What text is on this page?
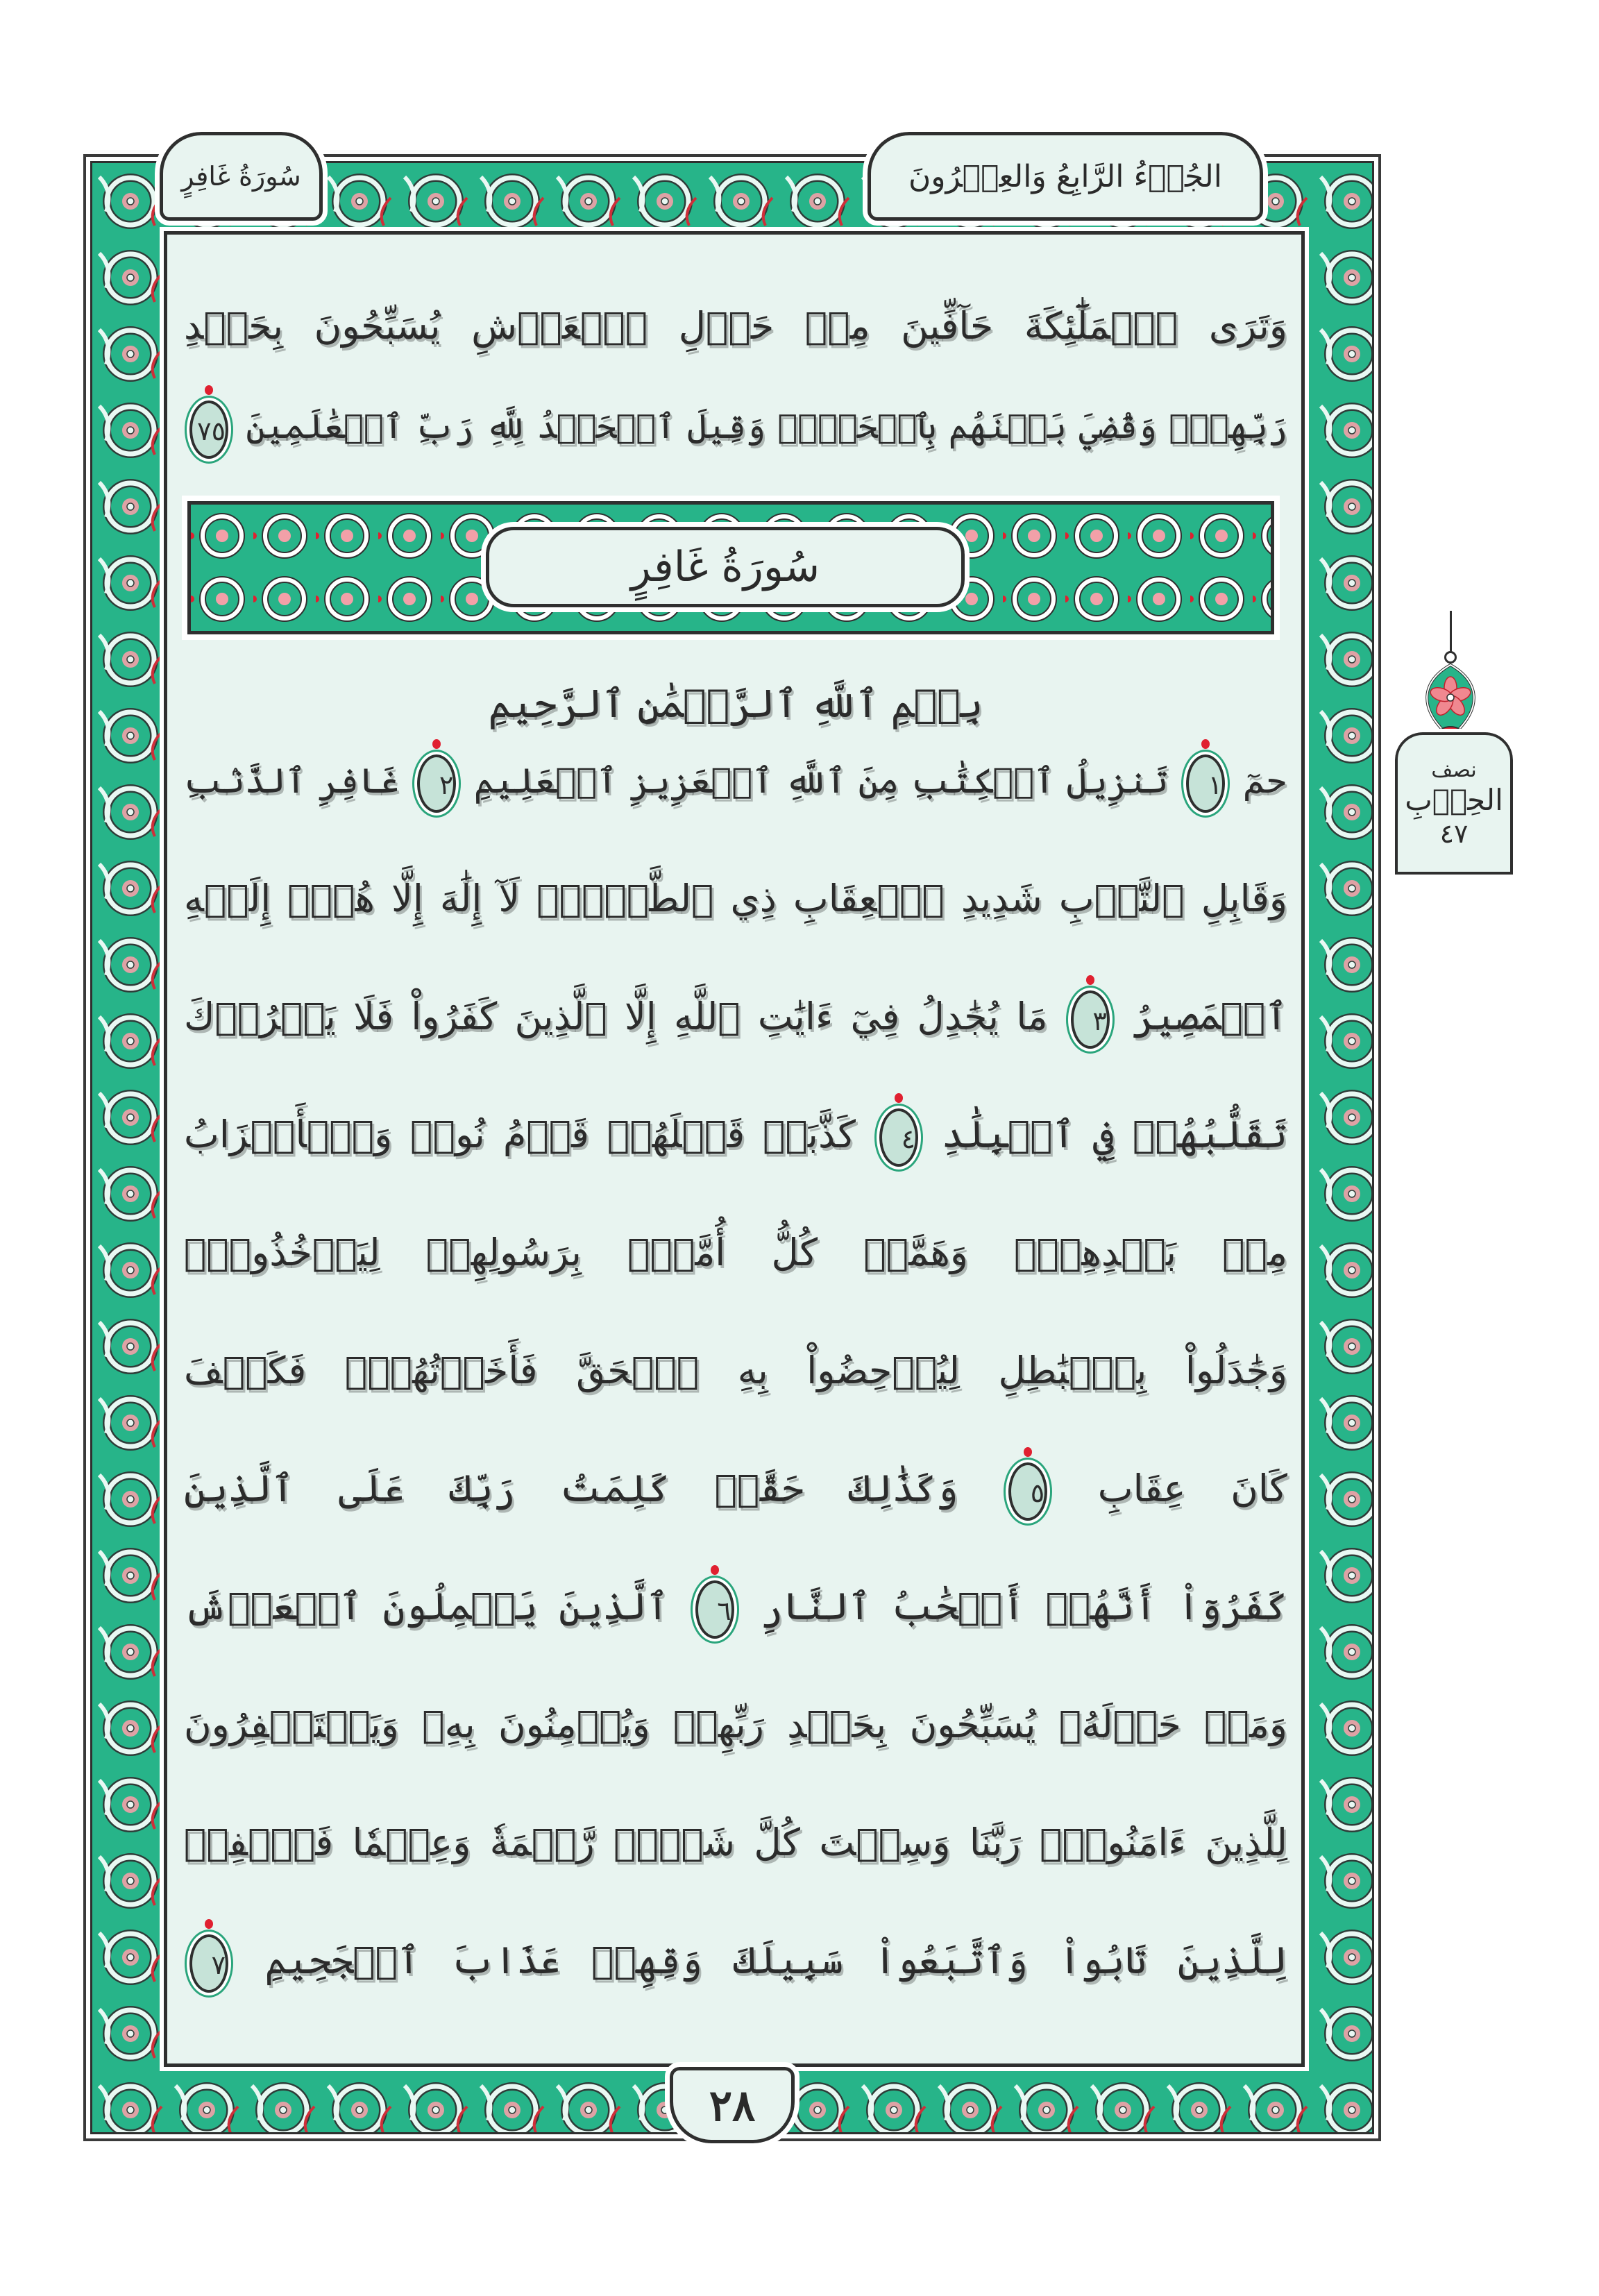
الجُزۡءُ الرَّابِعُ وَالعِشۡرُونَ
سُورَةُ غَافِرٍ
سُورَةُ غَافِرٍ
بِسۡمِ ٱللَّهِ ٱلرَّحۡمَٰنِ ٱلرَّحِيمِ
وَتَرَى ٱلۡمَلَٰٓئِكَةَ حَآفِّينَ مِنۡ حَوۡلِ ٱلۡعَرۡشِ يُسَبِّحُونَ بِحَمۡدِ
رَبِّهِمۡۖ وَقُضِيَ بَيۡنَهُم بِٱلۡحَقِّۚ وَقِيلَ ٱلۡحَمۡدُ لِلَّهِ رَبِّ ٱلۡعَٰلَمِينَ ٧٥
حمٓ ١ تَنزِيلُ ٱلۡكِتَٰبِ مِنَ ٱللَّهِ ٱلۡعَزِيزِ ٱلۡعَلِيمِ ٢ غَافِرِ ٱلذَّنۢبِ
وَقَابِلِ ٱلتَّوۡبِ شَدِيدِ ٱلۡعِقَابِ ذِي ٱلطَّوۡلِۖ لَآ إِلَٰهَ إِلَّا هُوَۖ إِلَيۡهِ
ٱلۡمَصِيرُ ٣ مَا يُجَٰدِلُ فِيٓ ءَايَٰتِ ٱللَّهِ إِلَّا ٱلَّذِينَ كَفَرُواْ فَلَا يَغۡرُرۡكَ
تَقَلُّبُهُمۡ فِي ٱلۡبِلَٰدِ ٤ كَذَّبَتۡ قَبۡلَهُمۡ قَوۡمُ نُوحٖ وَٱلۡأَحۡزَابُ
مِنۢ بَعۡدِهِمۡۖ وَهَمَّتۡ كُلُّ أُمَّةِۢ بِرَسُولِهِمۡ لِيَأۡخُذُوهُۖ
وَجَٰدَلُواْ بِٱلۡبَٰطِلِ لِيُدۡحِضُواْ بِهِ ٱلۡحَقَّ فَأَخَذۡتُهُمۡۖ فَكَيۡفَ
كَانَ عِقَابِ ٥ وَكَذَٰلِكَ حَقَّتۡ كَلِمَتُ رَبِّكَ عَلَى ٱلَّذِينَ
كَفَرُوٓاْ أَنَّهُمۡ أَصۡحَٰبُ ٱلنَّارِ ٦ ٱلَّذِينَ يَحۡمِلُونَ ٱلۡعَرۡشَ
وَمَنۡ حَوۡلَهُۥ يُسَبِّحُونَ بِحَمۡدِ رَبِّهِمۡ وَيُؤۡمِنُونَ بِهِۦ وَيَسۡتَغۡفِرُونَ
لِلَّذِينَ ءَامَنُواْۖ رَبَّنَا وَسِعۡتَ كُلَّ شَيۡءٖ رَّحۡمَةٗ وَعِلۡمٗا فَٱغۡفِرۡ
لِلَّذِينَ تَابُواْ وَٱتَّبَعُواْ سَبِيلَكَ وَقِهِمۡ عَذَابَ ٱلۡجَحِيمِ ٧
٢٨
نصف
الحِزۡبِ
٤٧
